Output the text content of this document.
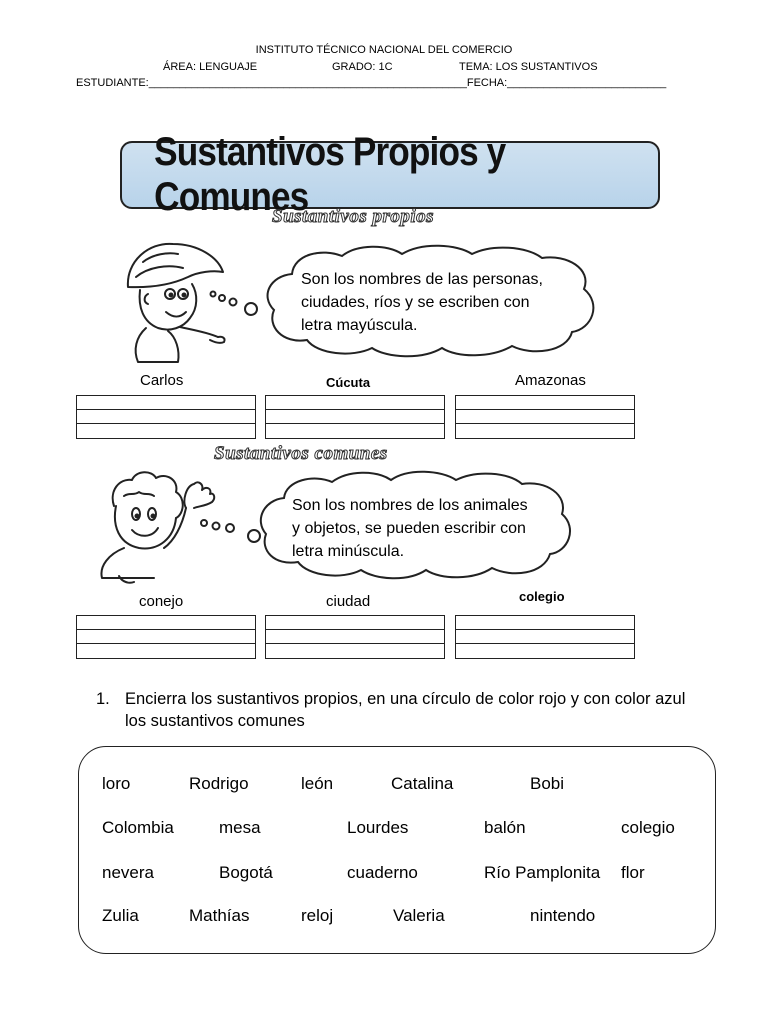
INSTITUTO TÉCNICO NACIONAL DEL COMERCIO
ÁREA: LENGUAJE	GRADO: 1C	TEMA: LOS SUSTANTIVOS
ESTUDIANTE:____________________________________________________FECHA:__________________________
Sustantivos Propios y Comunes
Sustantivos propios
Son los nombres de las personas,
ciudades, ríos y se escriben con
letra mayúscula.
Carlos	Cúcuta	Amazonas
Sustantivos comunes
Son los nombres de los animales
y objetos, se pueden escribir con
letra minúscula.
conejo	ciudad	colegio
1. Encierra los sustantivos propios, en una círculo de color rojo y con color azul los sustantivos comunes
loro	Rodrigo	león	Catalina	Bobi
Colombia	mesa	Lourdes	balón	colegio
nevera	Bogotá	cuaderno	Río Pamplonita flor
Zulia	Mathías	reloj	Valeria	nintendo
